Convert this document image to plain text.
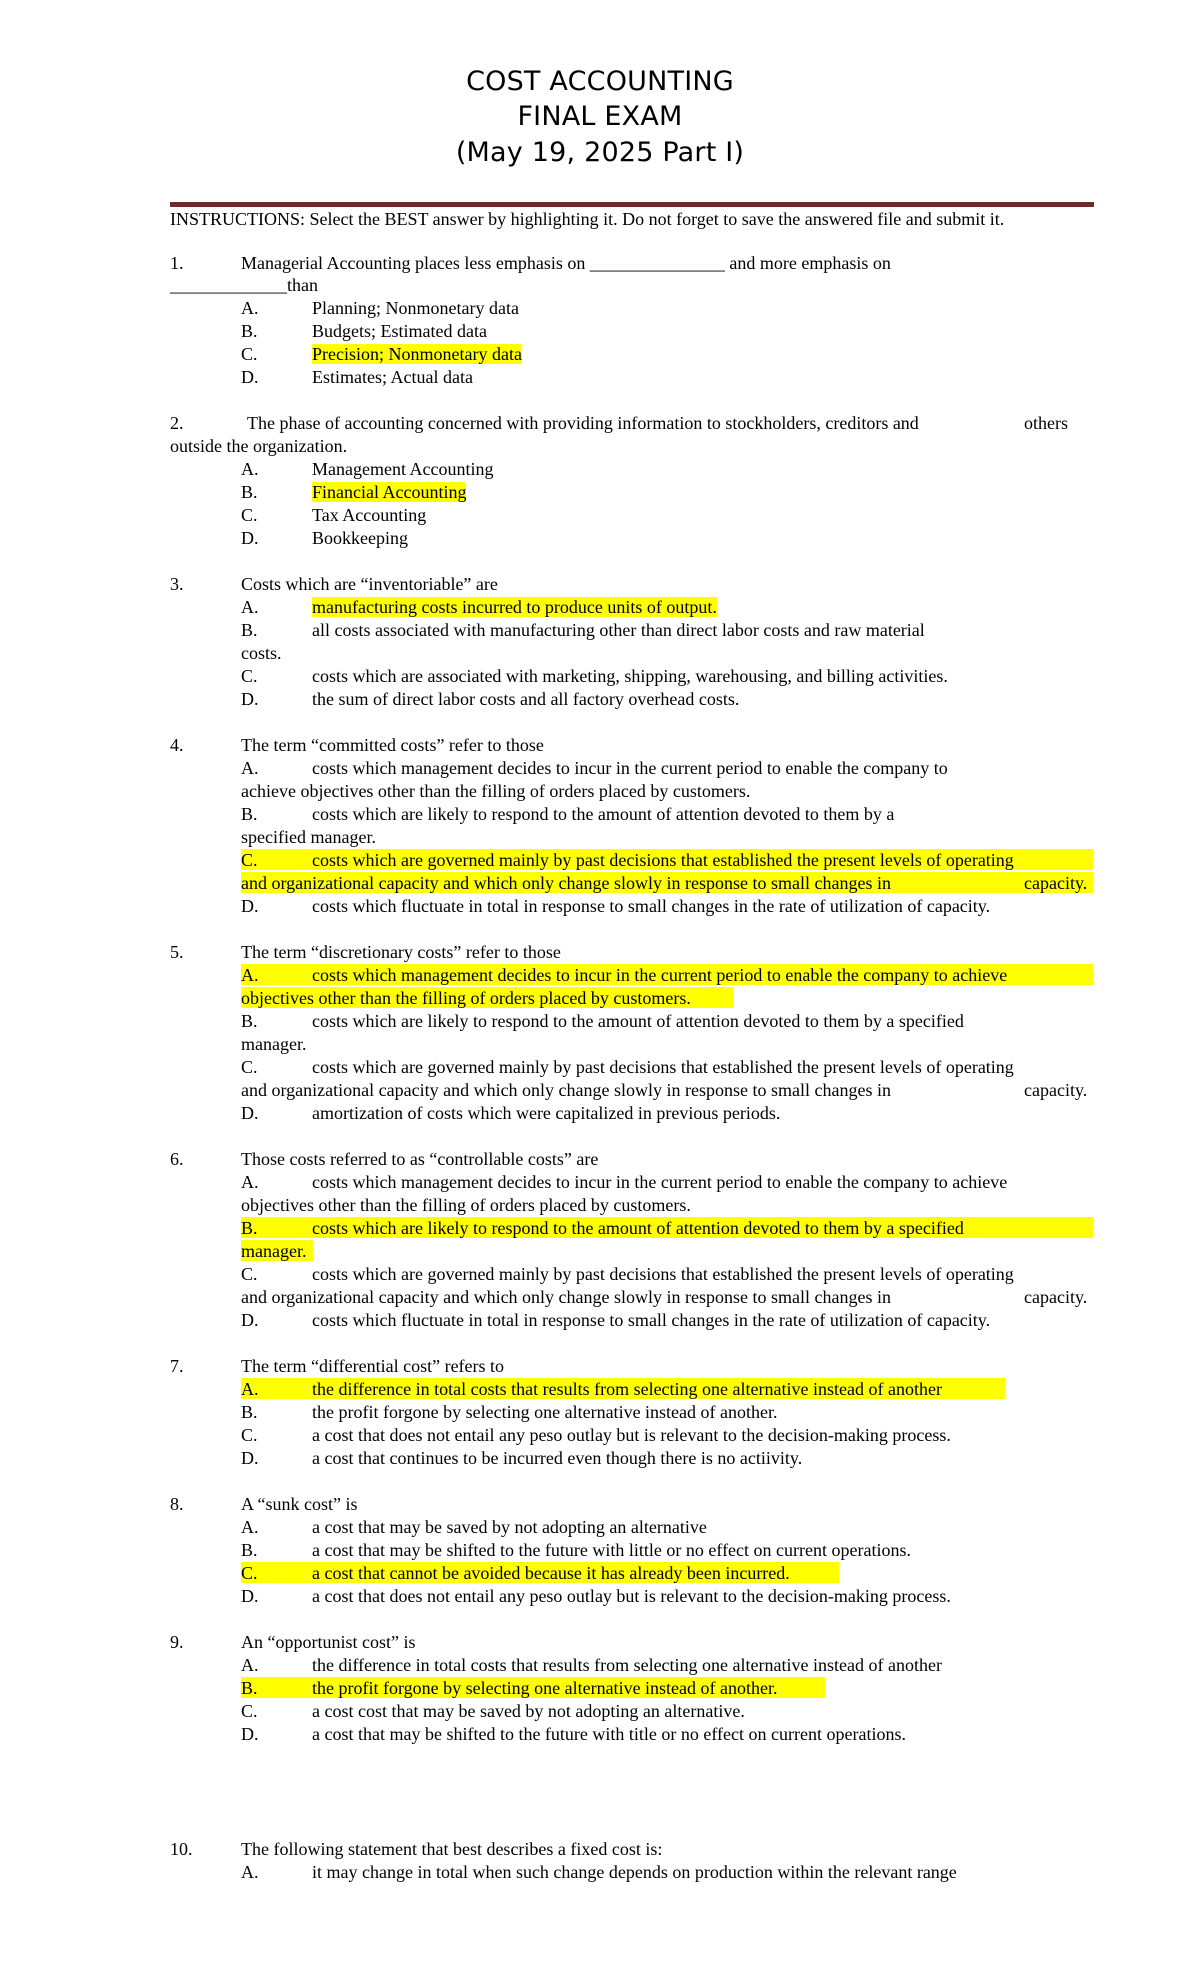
COST ACCOUNTING
FINAL EXAM
(May 19, 2025 Part I)
INSTRUCTIONS: Select the BEST answer by highlighting it. Do not forget to save the answered file and submit it.
1.	Managerial Accounting places less emphasis on _______________ and more emphasis on
_____________than
A.	Planning; Nonmonetary data
B.	Budgets; Estimated data
C.	Precision; Nonmonetary data
D.	Estimates; Actual data
2.	The phase of accounting concerned with providing information to stockholders, creditors and	others
outside the organization.
A.	Management Accounting
B.	Financial Accounting
C.	Tax Accounting
D.	Bookkeeping
3.	Costs which are “inventoriable” are
A.	manufacturing costs incurred to produce units of output.
B.	all costs associated with manufacturing other than direct labor costs and raw material
costs.
C.	costs which are associated with marketing, shipping, warehousing, and billing activities.
D.	the sum of direct labor costs and all factory overhead costs.
4.	The term “committed costs” refer to those
A.	costs which management decides to incur in the current period to enable the company to
achieve objectives other than the filling of orders placed by customers.
B.	costs which are likely to respond to the amount of attention devoted to them by a
specified manager.
C.	costs which are governed mainly by past decisions that established the present levels of operating
and organizational capacity and which only change slowly in response to small changes in	capacity.
D.	costs which fluctuate in total in response to small changes in the rate of utilization of capacity.
5.	The term “discretionary costs” refer to those
A.	costs which management decides to incur in the current period to enable the company to achieve
objectives other than the filling of orders placed by customers.
B.	costs which are likely to respond to the amount of attention devoted to them by a specified
manager.
C.	costs which are governed mainly by past decisions that established the present levels of operating
and organizational capacity and which only change slowly in response to small changes in	capacity.
D.	amortization of costs which were capitalized in previous periods.
6.	Those costs referred to as “controllable costs” are
A.	costs which management decides to incur in the current period to enable the company to achieve
objectives other than the filling of orders placed by customers.
B.	costs which are likely to respond to the amount of attention devoted to them by a specified
manager.
C.	costs which are governed mainly by past decisions that established the present levels of operating
and organizational capacity and which only change slowly in response to small changes in	capacity.
D.	costs which fluctuate in total in response to small changes in the rate of utilization of capacity.
7.	The term “differential cost” refers to
A.	the difference in total costs that results from selecting one alternative instead of another
B.	the profit forgone by selecting one alternative instead of another.
C.	a cost that does not entail any peso outlay but is relevant to the decision-making process.
D.	a cost that continues to be incurred even though there is no actiivity.
8.	A “sunk cost” is
A.	a cost that may be saved by not adopting an alternative
B.	a cost that may be shifted to the future with little or no effect on current operations.
C.	a cost that cannot be avoided because it has already been incurred.
D.	a cost that does not entail any peso outlay but is relevant to the decision-making process.
9.	An “opportunist cost” is
A.	the difference in total costs that results from selecting one alternative instead of another
B.	the profit forgone by selecting one alternative instead of another.
C.	a cost cost that may be saved by not adopting an alternative.
D.	a cost that may be shifted to the future with title or no effect on current operations.
10.	The following statement that best describes a fixed cost is:
A.	it may change in total when such change depends on production within the relevant range
